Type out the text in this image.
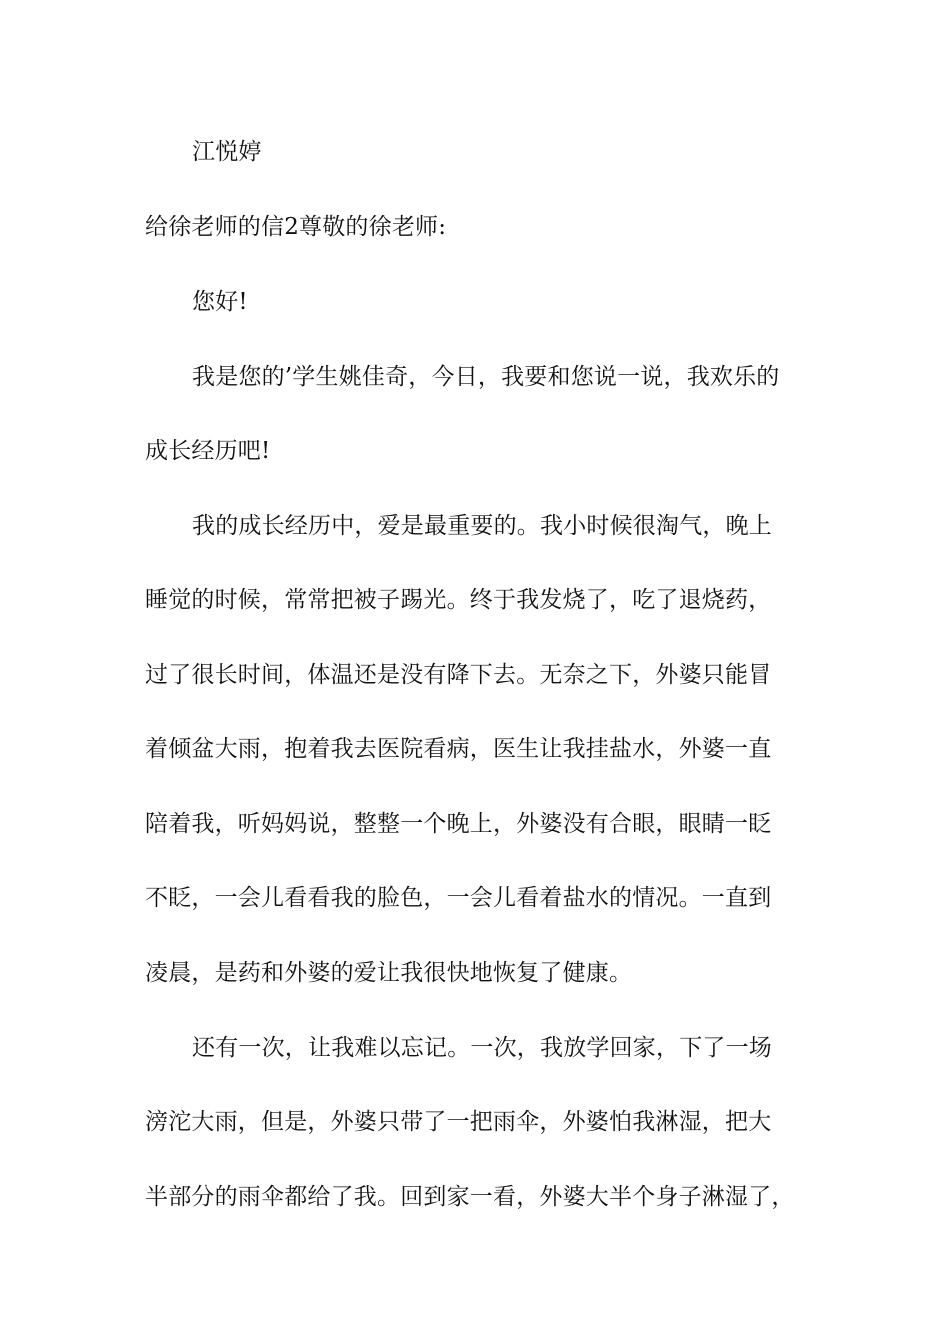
江悦婷
给徐老师的信2尊敬的徐老师:
您好!
我是您的’学生姚佳奇，今日，我要和您说一说，我欢乐的
成长经历吧!
我的成长经历中，爱是最重要的。我小时候很淘气，晚上
睡觉的时候，常常把被子踢光。终于我发烧了，吃了退烧药，
过了很长时间，体温还是没有降下去。无奈之下，外婆只能冒
着倾盆大雨，抱着我去医院看病，医生让我挂盐水，外婆一直
陪着我，听妈妈说，整整一个晚上，外婆没有合眼，眼睛一眨
不眨，一会儿看看我的脸色，一会儿看着盐水的情况。一直到
凌晨，是药和外婆的爱让我很快地恢复了健康。
还有一次，让我难以忘记。一次，我放学回家，下了一场
滂沱大雨，但是，外婆只带了一把雨伞，外婆怕我淋湿，把大
半部分的雨伞都给了我。回到家一看，外婆大半个身子淋湿了，
